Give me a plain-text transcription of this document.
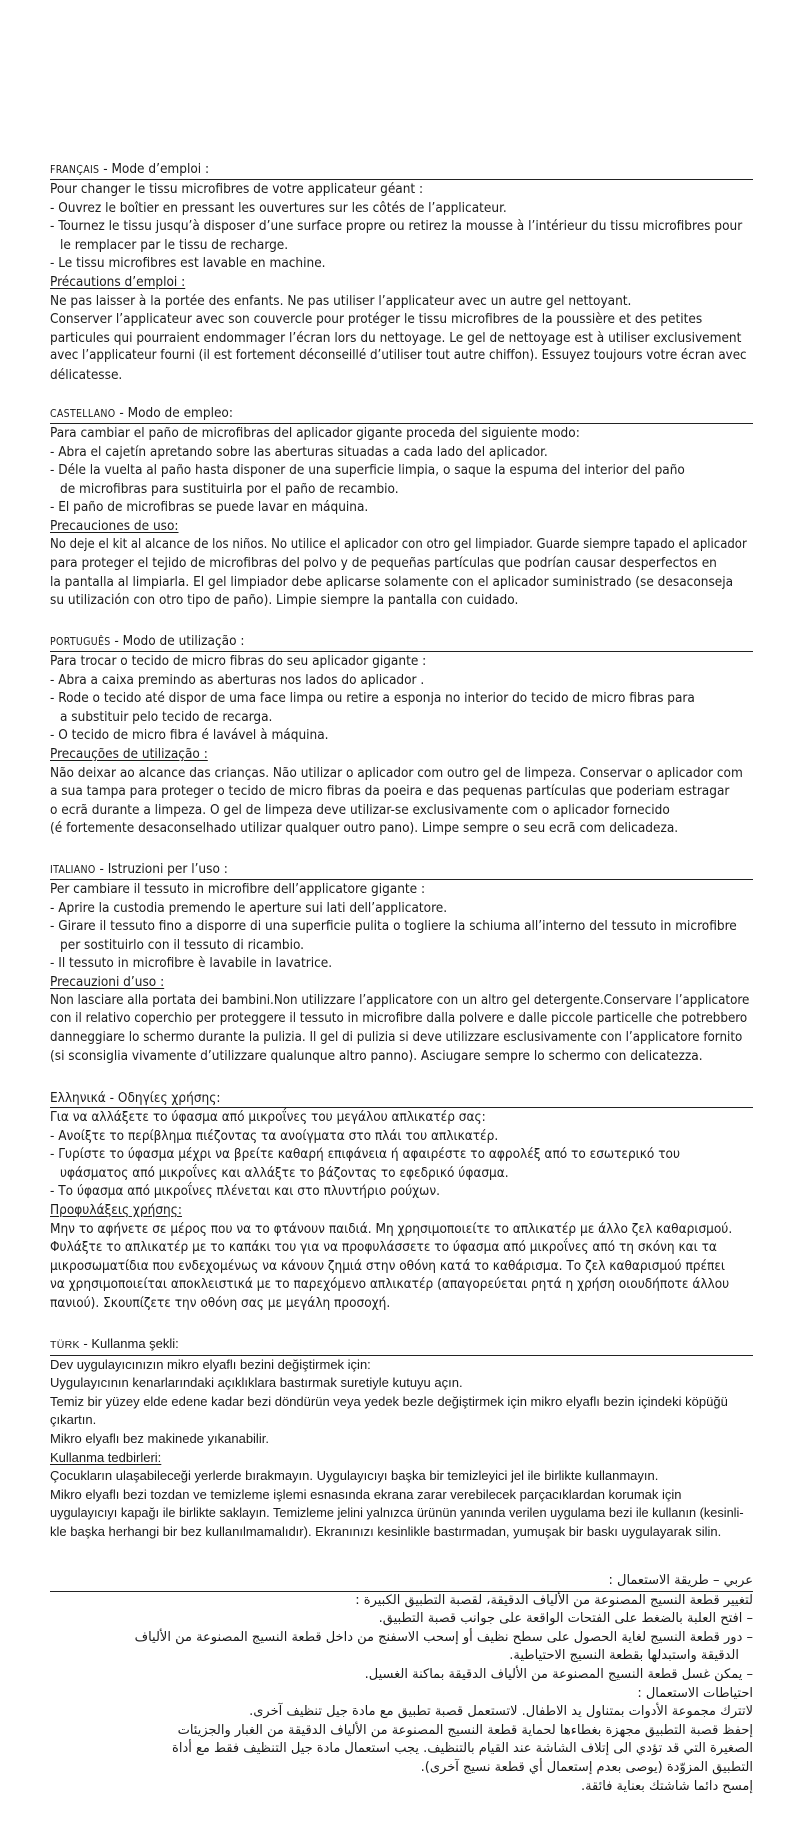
FRANÇAIS - Mode d’emploi :
Pour changer le tissu microfibres de votre applicateur géant :
- Ouvrez le boîtier en pressant les ouvertures sur les côtés de l’applicateur.
- Tournez le tissu jusqu’à disposer d’une surface propre ou retirez la mousse à l’intérieur du tissu microfibres pour
le remplacer par le tissu de recharge.
- Le tissu microfibres est lavable en machine.
Précautions d’emploi :
Ne pas laisser à la portée des enfants. Ne pas utiliser l’applicateur avec un autre gel nettoyant.
Conserver l’applicateur avec son couvercle pour protéger le tissu microfibres de la poussière et des petites
particules qui pourraient endommager l’écran lors du nettoyage. Le gel de nettoyage est à utiliser exclusivement
avec l’applicateur fourni (il est fortement déconseillé d’utiliser tout autre chiffon). Essuyez toujours votre écran avec
délicatesse.
CASTELLANO - Modo de empleo:
Para cambiar el paño de microfibras del aplicador gigante proceda del siguiente modo:
- Abra el cajetín apretando sobre las aberturas situadas a cada lado del aplicador.
- Déle la vuelta al paño hasta disponer de una superficie limpia, o saque la espuma del interior del paño
de microfibras para sustituirla por el paño de recambio.
- El paño de microfibras se puede lavar en máquina.
Precauciones de uso:
No deje el kit al alcance de los niños. No utilice el aplicador con otro gel limpiador. Guarde siempre tapado el aplicador
para proteger el tejido de microfibras del polvo y de pequeñas partículas que podrían causar desperfectos en
la pantalla al limpiarla. El gel limpiador debe aplicarse solamente con el aplicador suministrado (se desaconseja
su utilización con otro tipo de paño). Limpie siempre la pantalla con cuidado.
PORTUGUÊS - Modo de utilização :
Para trocar o tecido de micro fibras do seu aplicador gigante :
- Abra a caixa premindo as aberturas nos lados do aplicador .
- Rode o tecido até dispor de uma face limpa ou retire a esponja no interior do tecido de micro fibras para
a substituir pelo tecido de recarga.
- O tecido de micro fibra é lavável à máquina.
Precauções de utilização :
Não deixar ao alcance das crianças. Não utilizar o aplicador com outro gel de limpeza. Conservar o aplicador com
a sua tampa para proteger o tecido de micro fibras da poeira e das pequenas partículas que poderiam estragar
o ecrã durante a limpeza. O gel de limpeza deve utilizar-se exclusivamente com o aplicador fornecido
(é fortemente desaconselhado utilizar qualquer outro pano). Limpe sempre o seu ecrã com delicadeza.
ITALIANO - Istruzioni per l’uso :
Per cambiare il tessuto in microfibre dell’applicatore gigante :
- Aprire la custodia premendo le aperture sui lati dell’applicatore.
- Girare il tessuto fino a disporre di una superficie pulita o togliere la schiuma all’interno del tessuto in microfibre
per sostituirlo con il tessuto di ricambio.
- Il tessuto in microfibre è lavabile in lavatrice.
Precauzioni d’uso :
Non lasciare alla portata dei bambini.Non utilizzare l’applicatore con un altro gel detergente.Conservare l’applicatore
con il relativo coperchio per proteggere il tessuto in microfibre dalla polvere e dalle piccole particelle che potrebbero
danneggiare lo schermo durante la pulizia. Il gel di pulizia si deve utilizzare esclusivamente con l’applicatore fornito
(si sconsiglia vivamente d’utilizzare qualunque altro panno). Asciugare sempre lo schermo con delicatezza.
Ελληνικά - Οδηγίες χρήσης:
Για να αλλάξετε το ύφασμα από μικροΐνες του μεγάλου απλικατέρ σας:
- Ανοίξτε το περίβλημα πιέζοντας τα ανοίγματα στο πλάι του απλικατέρ.
- Γυρίστε το ύφασμα μέχρι να βρείτε καθαρή επιφάνεια ή αφαιρέστε το αφρολέξ από το εσωτερικό του
υφάσματος από μικροΐνες και αλλάξτε το βάζοντας το εφεδρικό ύφασμα.
- Το ύφασμα από μικροΐνες πλένεται και στο πλυντήριο ρούχων.
Προφυλάξεις χρήσης:
Μην το αφήνετε σε μέρος που να το φτάνουν παιδιά. Μη χρησιμοποιείτε το απλικατέρ με άλλο ζελ καθαρισμού.
Φυλάξτε το απλικατέρ με το καπάκι του για να προφυλάσσετε το ύφασμα από μικροΐνες από τη σκόνη και τα
μικροσωματίδια που ενδεχομένως να κάνουν ζημιά στην οθόνη κατά το καθάρισμα. Το ζελ καθαρισμού πρέπει
να χρησιμοποιείται αποκλειστικά με το παρεχόμενο απλικατέρ (απαγορεύεται ρητά η χρήση οιουδήποτε άλλου
πανιού). Σκουπίζετε την οθόνη σας με μεγάλη προσοχή.
TÜRK - Kullanma şekli:
Dev uygulayıcınızın mikro elyaflı bezini değiştirmek için:
Uygulayıcının kenarlarındaki açıklıklara bastırmak suretiyle kutuyu açın.
Temiz bir yüzey elde edene kadar bezi döndürün veya yedek bezle değiştirmek için mikro elyaflı bezin içindeki köpüğü
çıkartın.
Mikro elyaflı bez makinede yıkanabilir.
Kullanma tedbirleri:
Çocukların ulaşabileceği yerlerde bırakmayın. Uygulayıcıyı başka bir temizleyici jel ile birlikte kullanmayın.
Mikro elyaflı bezi tozdan ve temizleme işlemi esnasında ekrana zarar verebilecek parçacıklardan korumak için
uygulayıcıyı kapağı ile birlikte saklayın. Temizleme jelini yalnızca ürünün yanında verilen uygulama bezi ile kullanın (kesinli-
kle başka herhangi bir bez kullanılmamalıdır). Ekranınızı kesinlikle bastırmadan, yumuşak bir baskı uygulayarak silin.
عربي – طريقة الاستعمال :
لتغيير قطعة النسيج المصنوعة من الألياف الدقيقة، لقصبة التطبيق الكبيرة :
– افتح العلبة بالضغط على الفتحات الواقعة على جوانب قصبة التطبيق.
– دور قطعة النسيج لغاية الحصول على سطح نظيف أو إسحب الاسفنج من داخل قطعة النسيج المصنوعة من الألياف
الدقيقة واستبدلها بقطعة النسيج الاحتياطية.
– يمكن غسل قطعة النسيج المصنوعة من الألياف الدقيقة بماكنة الغسيل.
احتياطات الاستعمال :
لاتترك مجموعة الأدوات بمتناول يد الاطفال. لاتستعمل قصبة تطبيق مع مادة جيل تنظيف آخرى.
إحفظ قصبة التطبيق مجهزة بغطاءها لحماية قطعة النسيج المصنوعة من الألياف الدقيقة من الغبار والجزيئات
الصغيرة التي قد تؤدي الى إتلاف الشاشة عند القيام بالتنظيف. يجب استعمال مادة جيل التنظيف فقط مع أداة
التطبيق المزوّدة (يوصى بعدم إستعمال أي قطعة نسيج آخرى).
إمسح دائما شاشتك بعناية فائقة.
